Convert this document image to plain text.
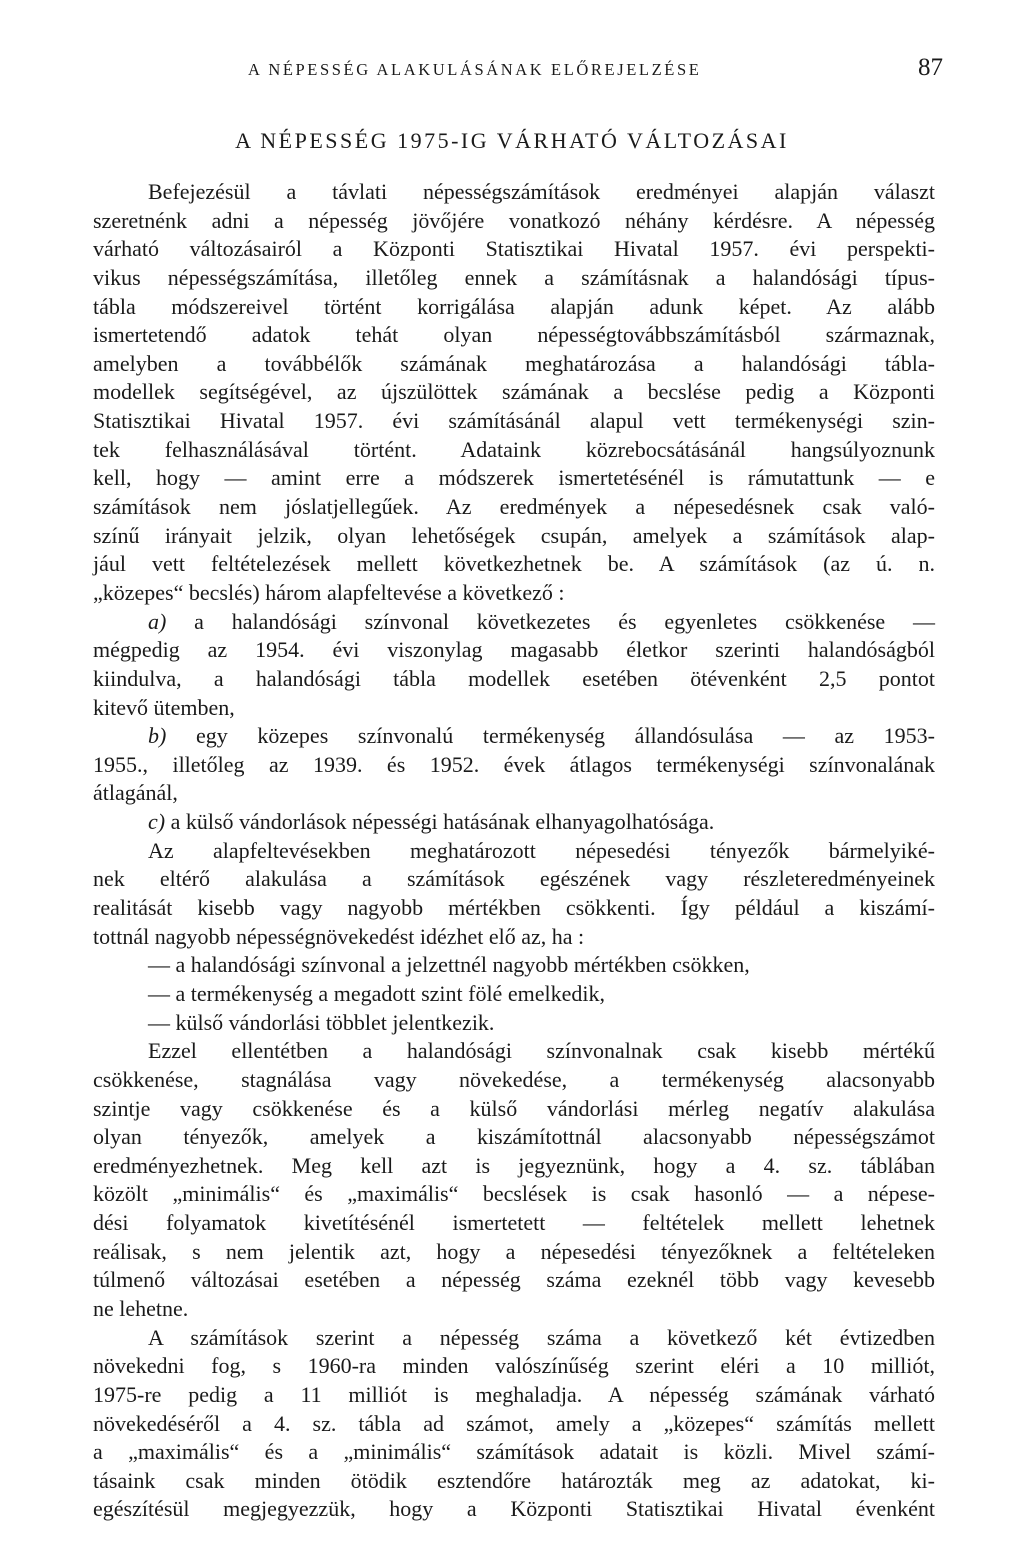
A NÉPESSÉG ALAKULÁSÁNAK ELŐREJELZÉSE	87
A NÉPESSÉG 1975-IG VÁRHATÓ VÁLTOZÁSAI
Befejezésül a távlati népességszámítások eredményei alapján választ
szeretnénk adni a népesség jövőjére vonatkozó néhány kérdésre. A népesség
várható változásairól a Központi Statisztikai Hivatal 1957. évi perspekti-
vikus népességszámítása, illetőleg ennek a számításnak a halandósági típus-
tábla módszereivel történt korrigálása alapján adunk képet. Az alább
ismertetendő adatok tehát olyan népességtovábbszámításból származnak,
amelyben a továbbélők számának meghatározása a halandósági tábla-
modellek segítségével, az újszülöttek számának a becslése pedig a Központi
Statisztikai Hivatal 1957. évi számításánál alapul vett termékenységi szin-
tek felhasználásával történt. Adataink közrebocsátásánál hangsúlyoznunk
kell, hogy — amint erre a módszerek ismertetésénél is rámutattunk — e
számítások nem jóslatjellegűek. Az eredmények a népesedésnek csak való-
színű irányait jelzik, olyan lehetőségek csupán, amelyek a számítások alap-
jául vett feltételezések mellett következhetnek be. A számítások (az ú. n.
„közepes“ becslés) három alapfeltevése a következő :
a) a halandósági színvonal következetes és egyenletes csökkenése —
mégpedig az 1954. évi viszonylag magasabb életkor szerinti halandóságból
kiindulva, a halandósági tábla modellek esetében ötévenként 2,5 pontot
kitevő ütemben,
b) egy közepes színvonalú termékenység állandósulása — az 1953-
1955., illetőleg az 1939. és 1952. évek átlagos termékenységi színvonalának
átlagánál,
c) a külső vándorlások népességi hatásának elhanyagolhatósága.
Az alapfeltevésekben meghatározott népesedési tényezők bármelyiké-
nek eltérő alakulása a számítások egészének vagy részleteredményeinek
realitását kisebb vagy nagyobb mértékben csökkenti. Így például a kiszámí-
tottnál nagyobb népességnövekedést idézhet elő az, ha :
— a halandósági színvonal a jelzettnél nagyobb mértékben csökken,
— a termékenység a megadott szint fölé emelkedik,
— külső vándorlási többlet jelentkezik.
Ezzel ellentétben a halandósági színvonalnak csak kisebb mértékű
csökkenése, stagnálása vagy növekedése, a termékenység alacsonyabb
szintje vagy csökkenése és a külső vándorlási mérleg negatív alakulása
olyan tényezők, amelyek a kiszámítottnál alacsonyabb népességszámot
eredményezhetnek. Meg kell azt is jegyeznünk, hogy a 4. sz. táblában
közölt „minimális“ és „maximális“ becslések is csak hasonló — a népese-
dési folyamatok kivetítésénél ismertetett — feltételek mellett lehetnek
reálisak, s nem jelentik azt, hogy a népesedési tényezőknek a feltételeken
túlmenő változásai esetében a népesség száma ezeknél több vagy kevesebb
ne lehetne.
A számítások szerint a népesség száma a következő két évtizedben
növekedni fog, s 1960-ra minden valószínűség szerint eléri a 10 milliót,
1975-re pedig a 11 milliót is meghaladja. A népesség számának várható
növekedéséről a 4. sz. tábla ad számot, amely a „közepes“ számítás mellett
a „maximális“ és a „minimális“ számítások adatait is közli. Mivel számí-
tásaink csak minden ötödik esztendőre határozták meg az adatokat, ki-
egészítésül megjegyezzük, hogy a Központi Statisztikai Hivatal évenként
